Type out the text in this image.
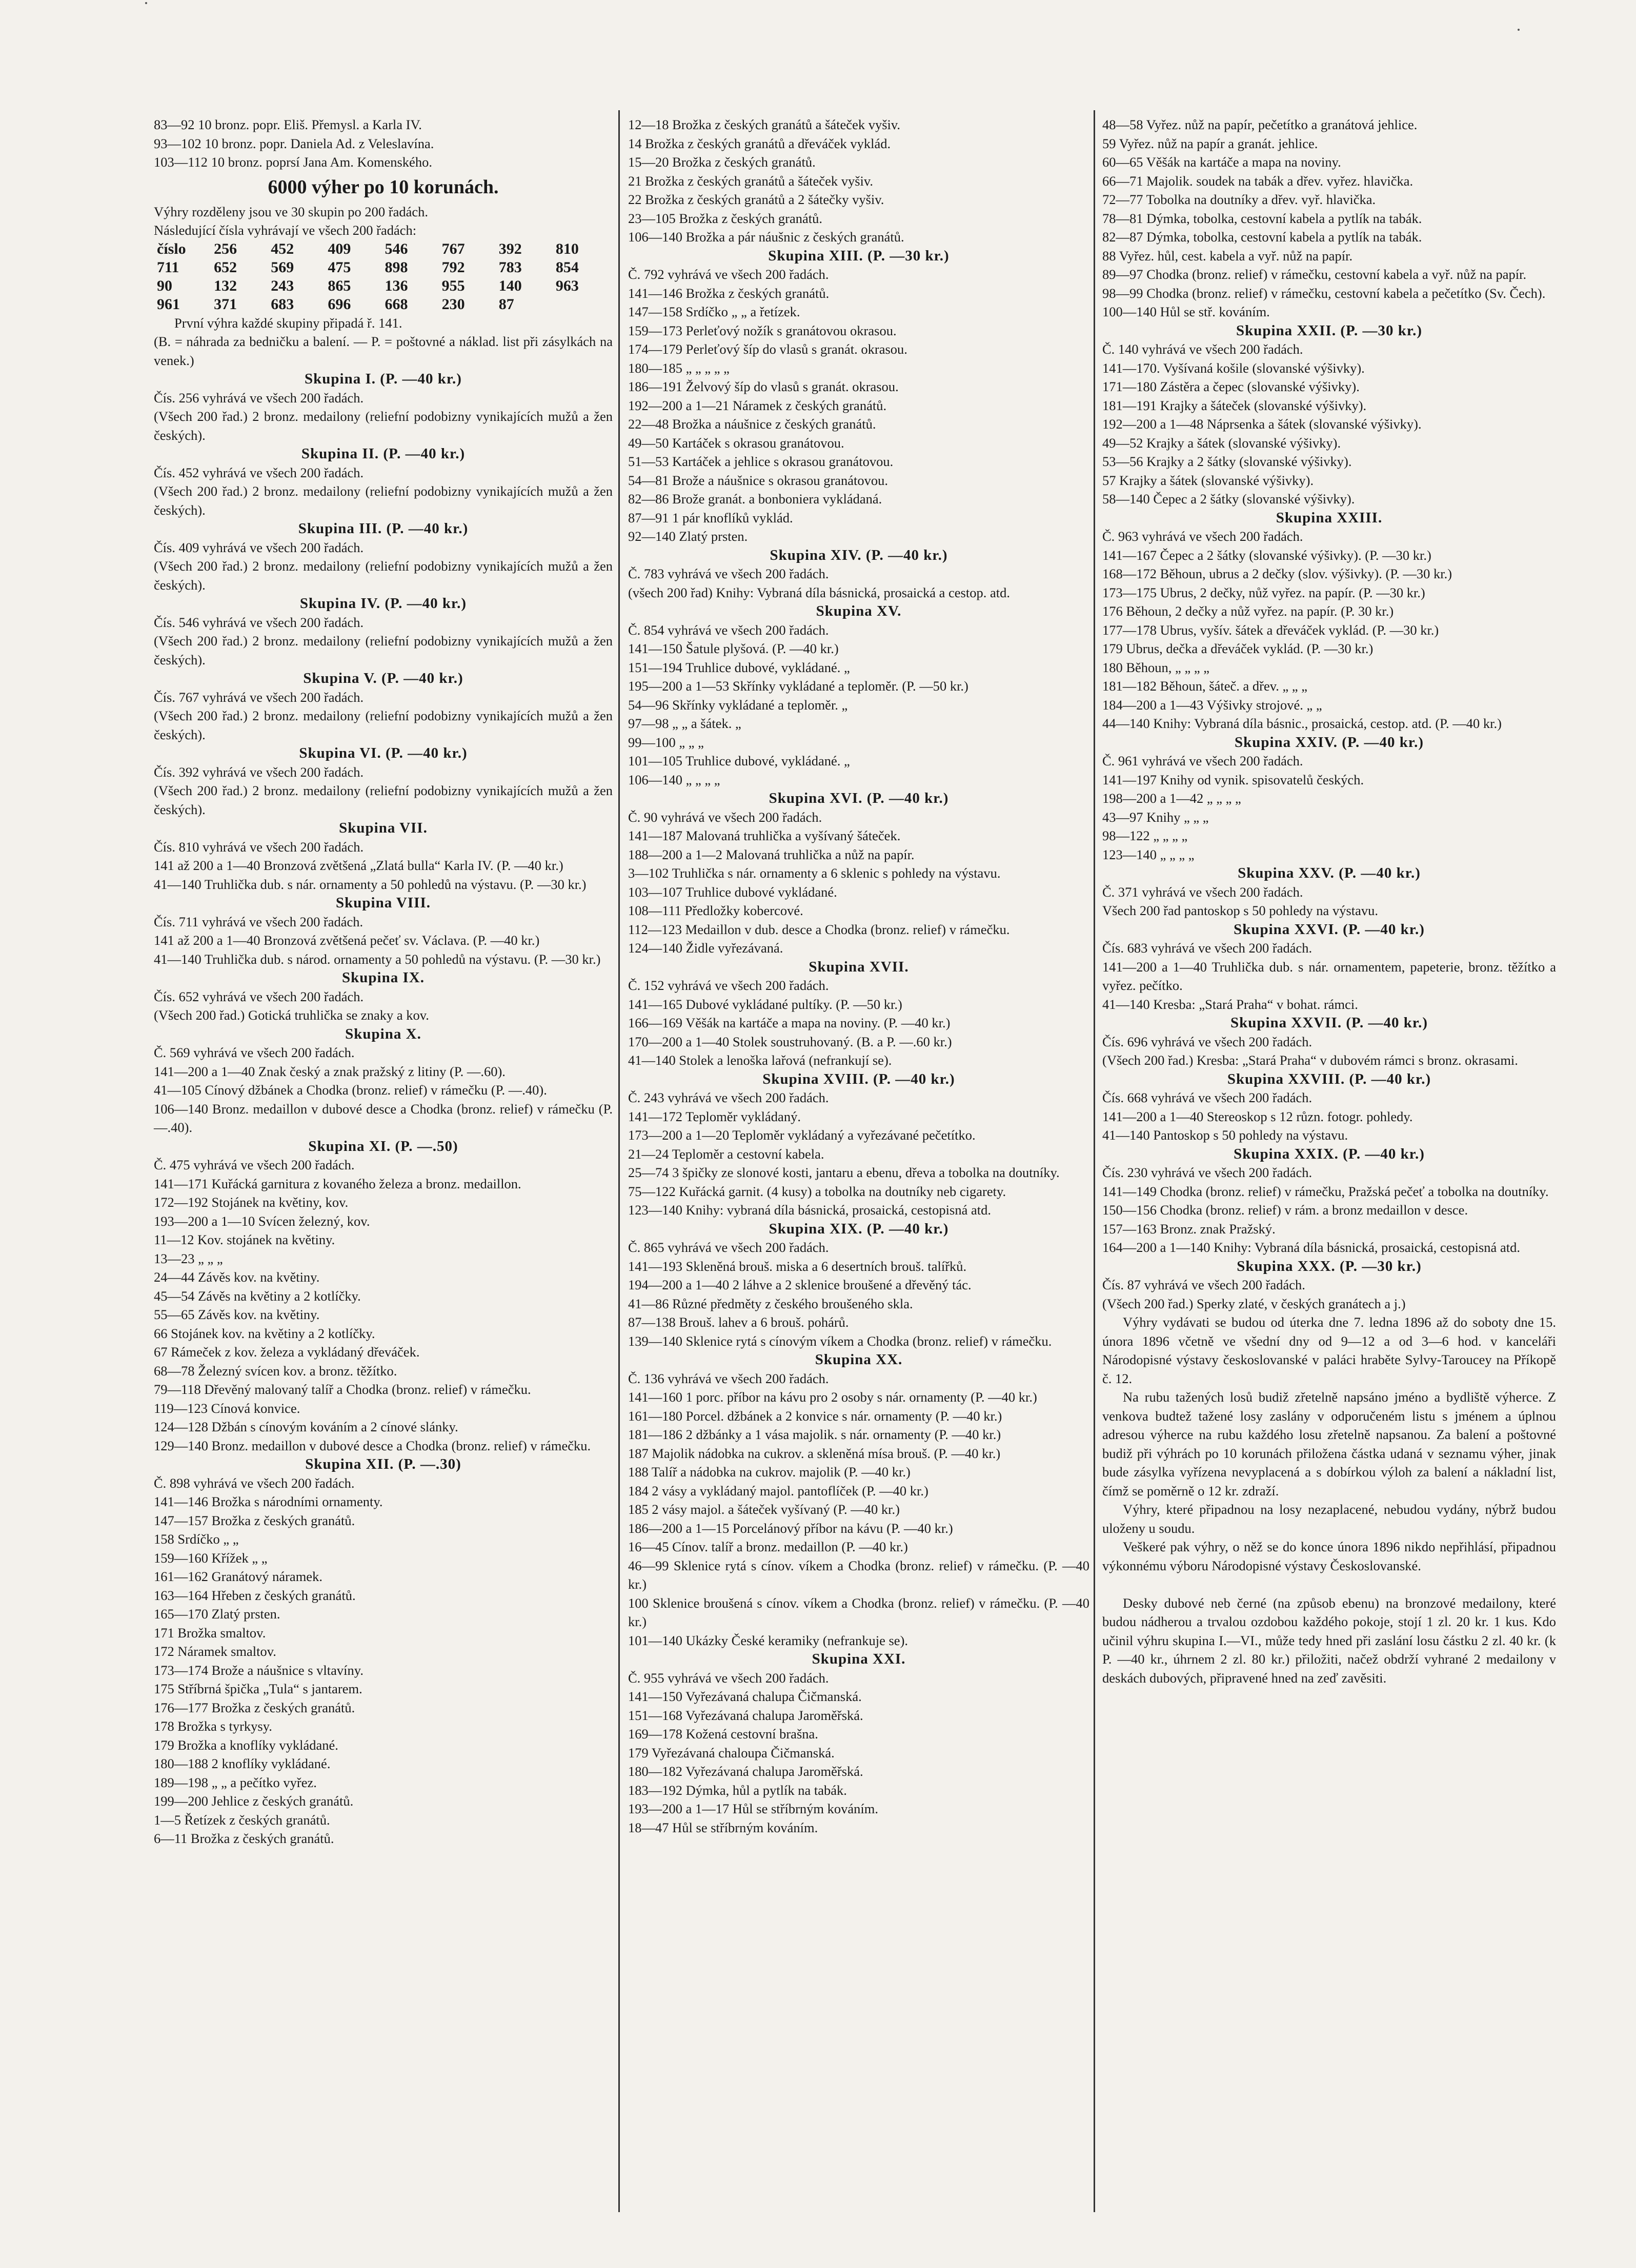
83—92 10 bronz. popr. Eliš. Přemysl. a Karla IV.
93—102 10 bronz. popr. Daniela Ad. z Veleslavína.
103—112 10 bronz. poprsí Jana Am. Komenského.
6000 výher po 10 korunách.
Výhry rozděleny jsou ve 30 skupin po 200 řadách.
Následující čísla vyhrávají ve všech 200 řadách:
číslo	256	452	409	546	767	392	810
711	652	569	475	898	792	783	854
90	132	243	865	136	955	140	963
961	371	683	696	668	230	87
První výhra každé skupiny připadá ř. 141.
(B. = náhrada za bedničku a balení. — P. = poštovné a náklad. list při zásylkách na venek.)
Skupina I. (P. —40 kr.)
Čís. 256 vyhrává ve všech 200 řadách.
(Všech 200 řad.) 2 bronz. medailony (reliefní podobizny vynikajících mužů a žen českých).
Skupina II. (P. —40 kr.)
Čís. 452 vyhrává ve všech 200 řadách.
(Všech 200 řad.) 2 bronz. medailony (reliefní podobizny vynikajících mužů a žen českých).
Skupina III. (P. —40 kr.)
Čís. 409 vyhrává ve všech 200 řadách.
(Všech 200 řad.) 2 bronz. medailony (reliefní podobizny vynikajících mužů a žen českých).
Skupina IV. (P. —40 kr.)
Čís. 546 vyhrává ve všech 200 řadách.
(Všech 200 řad.) 2 bronz. medailony (reliefní podobizny vynikajících mužů a žen českých).
Skupina V. (P. —40 kr.)
Čís. 767 vyhrává ve všech 200 řadách.
(Všech 200 řad.) 2 bronz. medailony (reliefní podobizny vynikajících mužů a žen českých).
Skupina VI. (P. —40 kr.)
Čís. 392 vyhrává ve všech 200 řadách.
(Všech 200 řad.) 2 bronz. medailony (reliefní podobizny vynikajících mužů a žen českých).
Skupina VII.
Čís. 810 vyhrává ve všech 200 řadách.
141 až 200 a 1—40 Bronzová zvětšená „Zlatá bulla“ Karla IV. (P. —40 kr.)
41—140 Truhlička dub. s nár. ornamenty a 50 pohledů na výstavu. (P. —30 kr.)
Skupina VIII.
Čís. 711 vyhrává ve všech 200 řadách.
141 až 200 a 1—40 Bronzová zvětšená pečeť sv. Václava. (P. —40 kr.)
41—140 Truhlička dub. s národ. ornamenty a 50 pohledů na výstavu. (P. —30 kr.)
Skupina IX.
Čís. 652 vyhrává ve všech 200 řadách.
(Všech 200 řad.) Gotická truhlička se znaky a kov.
Skupina X.
Č. 569 vyhrává ve všech 200 řadách.
141—200 a 1—40 Znak český a znak pražský z litiny (P. —.60).
41—105 Cínový džbánek a Chodka (bronz. relief) v rámečku (P. —.40).
106—140 Bronz. medaillon v dubové desce a Chodka (bronz. relief) v rámečku (P. —.40).
Skupina XI. (P. —.50)
Č. 475 vyhrává ve všech 200 řadách.
141—171 Kuřácká garnitura z kovaného železa a bronz. medaillon.
172—192 Stojánek na květiny, kov.
193—200 a 1—10 Svícen železný, kov.
11—12 Kov. stojánek na květiny.
13—23 „ „ „
24—44 Závěs kov. na květiny.
45—54 Závěs na květiny a 2 kotlíčky.
55—65 Závěs kov. na květiny.
66 Stojánek kov. na květiny a 2 kotlíčky.
67 Rámeček z kov. železa a vykládaný dřeváček.
68—78 Železný svícen kov. a bronz. těžítko.
79—118 Dřevěný malovaný talíř a Chodka (bronz. relief) v rámečku.
119—123 Cínová konvice.
124—128 Džbán s cínovým kováním a 2 cínové slánky.
129—140 Bronz. medaillon v dubové desce a Chodka (bronz. relief) v rámečku.
Skupina XII. (P. —.30)
Č. 898 vyhrává ve všech 200 řadách.
141—146 Brožka s národními ornamenty.
147—157 Brožka z českých granátů.
158 Srdíčko „ „
159—160 Křížek „ „
161—162 Granátový náramek.
163—164 Hřeben z českých granátů.
165—170 Zlatý prsten.
171 Brožka smaltov.
172 Náramek smaltov.
173—174 Brože a náušnice s vltavíny.
175 Stříbrná špička „Tula“ s jantarem.
176—177 Brožka z českých granátů.
178 Brožka s tyrkysy.
179 Brožka a knoflíky vykládané.
180—188 2 knoflíky vykládané.
189—198 „ „ a pečítko vyřez.
199—200 Jehlice z českých granátů.
1—5 Řetízek z českých granátů.
6—11 Brožka z českých granátů.
12—18 Brožka z českých granátů a šáteček vyšiv.
14 Brožka z českých granátů a dřeváček vyklád.
15—20 Brožka z českých granátů.
21 Brožka z českých granátů a šáteček vyšiv.
22 Brožka z českých granátů a 2 šátečky vyšiv.
23—105 Brožka z českých granátů.
106—140 Brožka a pár náušnic z českých granátů.
Skupina XIII. (P. —30 kr.)
Č. 792 vyhrává ve všech 200 řadách.
141—146 Brožka z českých granátů.
147—158 Srdíčko „ „ a řetízek.
159—173 Perleťový nožík s granátovou okrasou.
174—179 Perleťový šíp do vlasů s granát. okrasou.
180—185 „ „ „ „ „
186—191 Želvový šíp do vlasů s granát. okrasou.
192—200 a 1—21 Náramek z českých granátů.
22—48 Brožka a náušnice z českých granátů.
49—50 Kartáček s okrasou granátovou.
51—53 Kartáček a jehlice s okrasou granátovou.
54—81 Brože a náušnice s okrasou granátovou.
82—86 Brože granát. a bonboniera vykládaná.
87—91 1 pár knoflíků vyklád.
92—140 Zlatý prsten.
Skupina XIV. (P. —40 kr.)
Č. 783 vyhrává ve všech 200 řadách.
(všech 200 řad) Knihy: Vybraná díla básnická, prosaická a cestop. atd.
Skupina XV.
Č. 854 vyhrává ve všech 200 řadách.
141—150 Šatule plyšová. (P. —40 kr.)
151—194 Truhlice dubové, vykládané. „
195—200 a 1—53 Skřínky vykládané a teploměr. (P. —50 kr.)
54—96 Skřínky vykládané a teploměr. „
97—98 „ „ a šátek. „
99—100 „ „ „
101—105 Truhlice dubové, vykládané. „
106—140 „ „ „ „
Skupina XVI. (P. —40 kr.)
Č. 90 vyhrává ve všech 200 řadách.
141—187 Malovaná truhlička a vyšívaný šáteček.
188—200 a 1—2 Malovaná truhlička a nůž na papír.
3—102 Truhlička s nár. ornamenty a 6 sklenic s pohledy na výstavu.
103—107 Truhlice dubové vykládané.
108—111 Předložky kobercové.
112—123 Medaillon v dub. desce a Chodka (bronz. relief) v rámečku.
124—140 Židle vyřezávaná.
Skupina XVII.
Č. 152 vyhrává ve všech 200 řadách.
141—165 Dubové vykládané pultíky. (P. —50 kr.)
166—169 Věšák na kartáče a mapa na noviny. (P. —40 kr.)
170—200 a 1—40 Stolek soustruhovaný. (B. a P. —.60 kr.)
41—140 Stolek a lenoška lařová (nefrankují se).
Skupina XVIII. (P. —40 kr.)
Č. 243 vyhrává ve všech 200 řadách.
141—172 Teploměr vykládaný.
173—200 a 1—20 Teploměr vykládaný a vyřezávané pečetítko.
21—24 Teploměr a cestovní kabela.
25—74 3 špičky ze slonové kosti, jantaru a ebenu, dřeva a tobolka na doutníky.
75—122 Kuřácká garnit. (4 kusy) a tobolka na doutníky neb cigarety.
123—140 Knihy: vybraná díla básnická, prosaická, cestopisná atd.
Skupina XIX. (P. —40 kr.)
Č. 865 vyhrává ve všech 200 řadách.
141—193 Skleněná brouš. miska a 6 desertních brouš. talířků.
194—200 a 1—40 2 láhve a 2 sklenice broušené a dřevěný tác.
41—86 Různé předměty z českého broušeného skla.
87—138 Brouš. lahev a 6 brouš. pohárů.
139—140 Sklenice rytá s cínovým víkem a Chodka (bronz. relief) v rámečku.
Skupina XX.
Č. 136 vyhrává ve všech 200 řadách.
141—160 1 porc. příbor na kávu pro 2 osoby s nár. ornamenty (P. —40 kr.)
161—180 Porcel. džbánek a 2 konvice s nár. ornamenty (P. —40 kr.)
181—186 2 džbánky a 1 vása majolik. s nár. ornamenty (P. —40 kr.)
187 Majolik nádobka na cukrov. a skleněná mísa brouš. (P. —40 kr.)
188 Talíř a nádobka na cukrov. majolik (P. —40 kr.)
184 2 vásy a vykládaný majol. pantoflíček (P. —40 kr.)
185 2 vásy majol. a šáteček vyšívaný (P. —40 kr.)
186—200 a 1—15 Porcelánový příbor na kávu (P. —40 kr.)
16—45 Cínov. talíř a bronz. medaillon (P. —40 kr.)
46—99 Sklenice rytá s cínov. víkem a Chodka (bronz. relief) v rámečku. (P. —40 kr.)
100 Sklenice broušená s cínov. víkem a Chodka (bronz. relief) v rámečku. (P. —40 kr.)
101—140 Ukázky České keramiky (nefrankuje se).
Skupina XXI.
Č. 955 vyhrává ve všech 200 řadách.
141—150 Vyřezávaná chalupa Čičmanská.
151—168 Vyřezávaná chalupa Jaroměřská.
169—178 Kožená cestovní brašna.
179 Vyřezávaná chaloupa Čičmanská.
180—182 Vyřezávaná chalupa Jaroměřská.
183—192 Dýmka, hůl a pytlík na tabák.
193—200 a 1—17 Hůl se stříbrným kováním.
18—47 Hůl se stříbrným kováním.
48—58 Vyřez. nůž na papír, pečetítko a granátová jehlice.
59 Vyřez. nůž na papír a granát. jehlice.
60—65 Věšák na kartáče a mapa na noviny.
66—71 Majolik. soudek na tabák a dřev. vyřez. hlavička.
72—77 Tobolka na doutníky a dřev. vyř. hlavička.
78—81 Dýmka, tobolka, cestovní kabela a pytlík na tabák.
82—87 Dýmka, tobolka, cestovní kabela a pytlík na tabák.
88 Vyřez. hůl, cest. kabela a vyř. nůž na papír.
89—97 Chodka (bronz. relief) v rámečku, cestovní kabela a vyř. nůž na papír.
98—99 Chodka (bronz. relief) v rámečku, cestovní kabela a pečetítko (Sv. Čech).
100—140 Hůl se stř. kováním.
Skupina XXII. (P. —30 kr.)
Č. 140 vyhrává ve všech 200 řadách.
141—170. Vyšívaná košile (slovanské výšivky).
171—180 Zástěra a čepec (slovanské výšivky).
181—191 Krajky a šáteček (slovanské výšivky).
192—200 a 1—48 Náprsenka a šátek (slovanské výšivky).
49—52 Krajky a šátek (slovanské výšivky).
53—56 Krajky a 2 šátky (slovanské výšivky).
57 Krajky a šátek (slovanské výšivky).
58—140 Čepec a 2 šátky (slovanské výšivky).
Skupina XXIII.
Č. 963 vyhrává ve všech 200 řadách.
141—167 Čepec a 2 šátky (slovanské výšivky). (P. —30 kr.)
168—172 Běhoun, ubrus a 2 dečky (slov. výšivky). (P. —30 kr.)
173—175 Ubrus, 2 dečky, nůž vyřez. na papír. (P. —30 kr.)
176 Běhoun, 2 dečky a nůž vyřez. na papír. (P. 30 kr.)
177—178 Ubrus, vyšív. šátek a dřeváček vyklád. (P. —30 kr.)
179 Ubrus, dečka a dřeváček vyklád. (P. —30 kr.)
180 Běhoun, „ „ „ „
181—182 Běhoun, šáteč. a dřev. „ „ „
184—200 a 1—43 Výšivky strojové. „ „
44—140 Knihy: Vybraná díla básnic., prosaická, cestop. atd. (P. —40 kr.)
Skupina XXIV. (P. —40 kr.)
Č. 961 vyhrává ve všech 200 řadách.
141—197 Knihy od vynik. spisovatelů českých.
198—200 a 1—42 „ „ „ „
43—97 Knihy „ „ „
98—122 „ „ „ „
123—140 „ „ „ „
Skupina XXV. (P. —40 kr.)
Č. 371 vyhrává ve všech 200 řadách.
Všech 200 řad pantoskop s 50 pohledy na výstavu.
Skupina XXVI. (P. —40 kr.)
Čís. 683 vyhrává ve všech 200 řadách.
141—200 a 1—40 Truhlička dub. s nár. ornamentem, papeterie, bronz. těžítko a vyřez. pečítko.
41—140 Kresba: „Stará Praha“ v bohat. rámci.
Skupina XXVII. (P. —40 kr.)
Čís. 696 vyhrává ve všech 200 řadách.
(Všech 200 řad.) Kresba: „Stará Praha“ v dubovém rámci s bronz. okrasami.
Skupina XXVIII. (P. —40 kr.)
Čís. 668 vyhrává ve všech 200 řadách.
141—200 a 1—40 Stereoskop s 12 různ. fotogr. pohledy.
41—140 Pantoskop s 50 pohledy na výstavu.
Skupina XXIX. (P. —40 kr.)
Čís. 230 vyhrává ve všech 200 řadách.
141—149 Chodka (bronz. relief) v rámečku, Pražská pečeť a tobolka na doutníky.
150—156 Chodka (bronz. relief) v rám. a bronz medaillon v desce.
157—163 Bronz. znak Pražský.
164—200 a 1—140 Knihy: Vybraná díla básnická, prosaická, cestopisná atd.
Skupina XXX. (P. —30 kr.)
Čís. 87 vyhrává ve všech 200 řadách.
(Všech 200 řad.) Sperky zlaté, v českých granátech a j.)
Výhry vydávati se budou od úterka dne 7. ledna 1896 až do soboty dne 15. února 1896 včetně ve všední dny od 9—12 a od 3—6 hod. v kanceláři Národopisné výstavy českoslovanské v paláci hraběte Sylvy-Taroucey na Příkopě č. 12.
Na rubu tažených losů budiž zřetelně napsáno jméno a bydliště výherce. Z venkova budtež tažené losy zaslány v odporučeném listu s jménem a úplnou adresou výherce na rubu každého losu zřetelně napsanou. Za balení a poštovné budiž při výhrách po 10 korunách přiložena částka udaná v seznamu výher, jinak bude zásylka vyřízena nevyplacená a s dobírkou výloh za balení a nákladní list, čímž se poměrně o 12 kr. zdraží.
Výhry, které připadnou na losy nezaplacené, nebudou vydány, nýbrž budou uloženy u soudu.
Veškeré pak výhry, o něž se do konce února 1896 nikdo nepřihlásí, připadnou výkonnému výboru Národopisné výstavy Českoslovanské.

Desky dubové neb černé (na způsob ebenu) na bronzové medailony, které budou nádherou a trvalou ozdobou každého pokoje, stojí 1 zl. 20 kr. 1 kus. Kdo učinil výhru skupina I.—VI., může tedy hned při zaslání losu částku 2 zl. 40 kr. (k P. —40 kr., úhrnem 2 zl. 80 kr.) přiložiti, načež obdrží vyhrané 2 medailony v deskách dubových, připravené hned na zeď zavěsiti.
